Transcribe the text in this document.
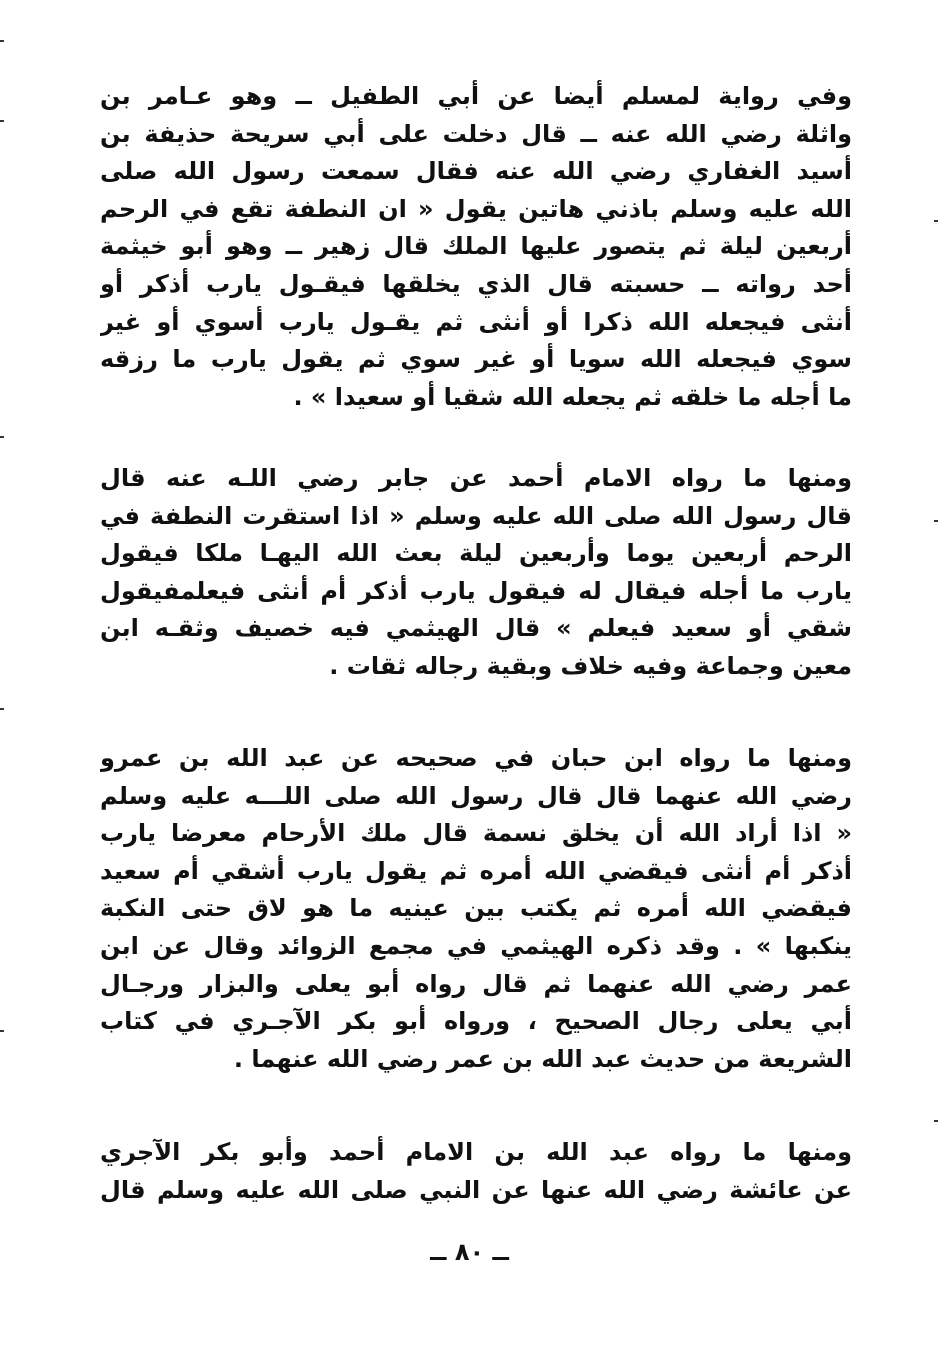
وفي رواية لمسلم أيضا عن أبي الطفيل ــ وهو عـامر بن
واثلة رضي الله عنه ــ قال دخلت على أبي سريحة حذيفة بن
أسيد الغفاري رضي الله عنه فقال سمعت رسول الله صلى
الله عليه وسلم باذني هاتين يقول « ان النطفة تقع في الرحم
أربعين ليلة ثم يتصور عليها الملك قال زهير ــ وهو أبو خيثمة
أحد رواته ــ حسبته قال الذي يخلقها فيقـول يارب أذكر أو
أنثى فيجعله الله ذكرا أو أنثى ثم يقـول يارب أسوي أو غير
سوي فيجعله الله سويا أو غير سوي ثم يقول يارب ما رزقه
ما أجله ما خلقه ثم يجعله الله شقيا أو سعيدا » .
ومنها ما رواه الامام أحمد عن جابر رضي اللـه عنه قال
قال رسول الله صلى الله عليه وسلم « اذا استقرت النطفة في
الرحم أربعين يوما وأربعين ليلة بعث الله اليهـا ملكا فيقول
يارب ما أجله فيقال له فيقول يارب أذكر أم أنثى فيعلمفيقول
شقي أو سعيد فيعلم » قال الهيثمي فيه خصيف وثقـه ابن
معين وجماعة وفيه خلاف وبقية رجاله ثقات .
ومنها ما رواه ابن حبان في صحيحه عن عبد الله بن عمرو
رضي الله عنهما قال قال رسول الله صلى اللـــه عليه وسلم
« اذا أراد الله أن يخلق نسمة قال ملك الأرحام معرضا يارب
أذكر أم أنثى فيقضي الله أمره ثم يقول يارب أشقي أم سعيد
فيقضي الله أمره ثم يكتب بين عينيه ما هو لاق حتى النكبة
ينكبها » . وقد ذكره الهيثمي في مجمع الزوائد وقال عن ابن
عمر رضي الله عنهما ثم قال رواه أبو يعلى والبزار ورجـال
أبي يعلى رجال الصحيح ، ورواه أبو بكر الآجـري في كتاب
الشريعة من حديث عبد الله بن عمر رضي الله عنهما .
ومنها ما رواه عبد الله بن الامام أحمد وأبو بكر الآجري
عن عائشة رضي الله عنها عن النبي صلى الله عليه وسلم قال
ــ ٨٠ ــ
